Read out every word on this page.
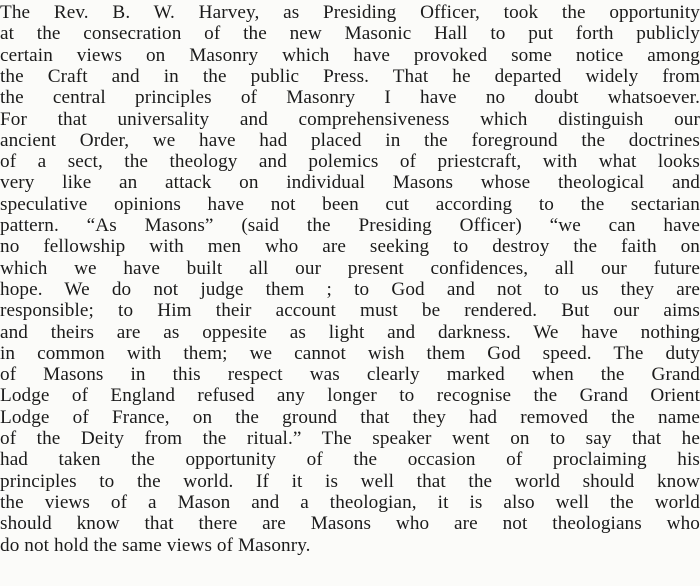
The Rev. B. W. Harvey, as Presiding Officer, took the opportunity
at the consecration of the new Masonic Hall to put forth publicly
certain views on Masonry which have provoked some notice among
the Craft and in the public Press. That he departed widely from
the central principles of Masonry I have no doubt whatsoever.
For that universality and comprehensiveness which distinguish our
ancient Order, we have had placed in the foreground the doctrines
of a sect, the theology and polemics of priestcraft, with what looks
very like an attack on individual Masons whose theological and
speculative opinions have not been cut according to the sectarian
pattern. “As Masons” (said the Presiding Officer) “we can have
no fellowship with men who are seeking to destroy the faith on
which we have built all our present confidences, all our future
hope. We do not judge them ; to God and not to us they are
responsible; to Him their account must be rendered. But our aims
and theirs are as oppesite as light and darkness. We have nothing
in common with them; we cannot wish them God speed. The duty
of Masons in this respect was clearly marked when the Grand
Lodge of England refused any longer to recognise the Grand Orient
Lodge of France, on the ground that they had removed the name
of the Deity from the ritual.” The speaker went on to say that he
had taken the opportunity of the occasion of proclaiming his
principles to the world. If it is well that the world should know
the views of a Mason and a theologian, it is also well the world
should know that there are Masons who are not theologians who
do not hold the same views of Masonry.
